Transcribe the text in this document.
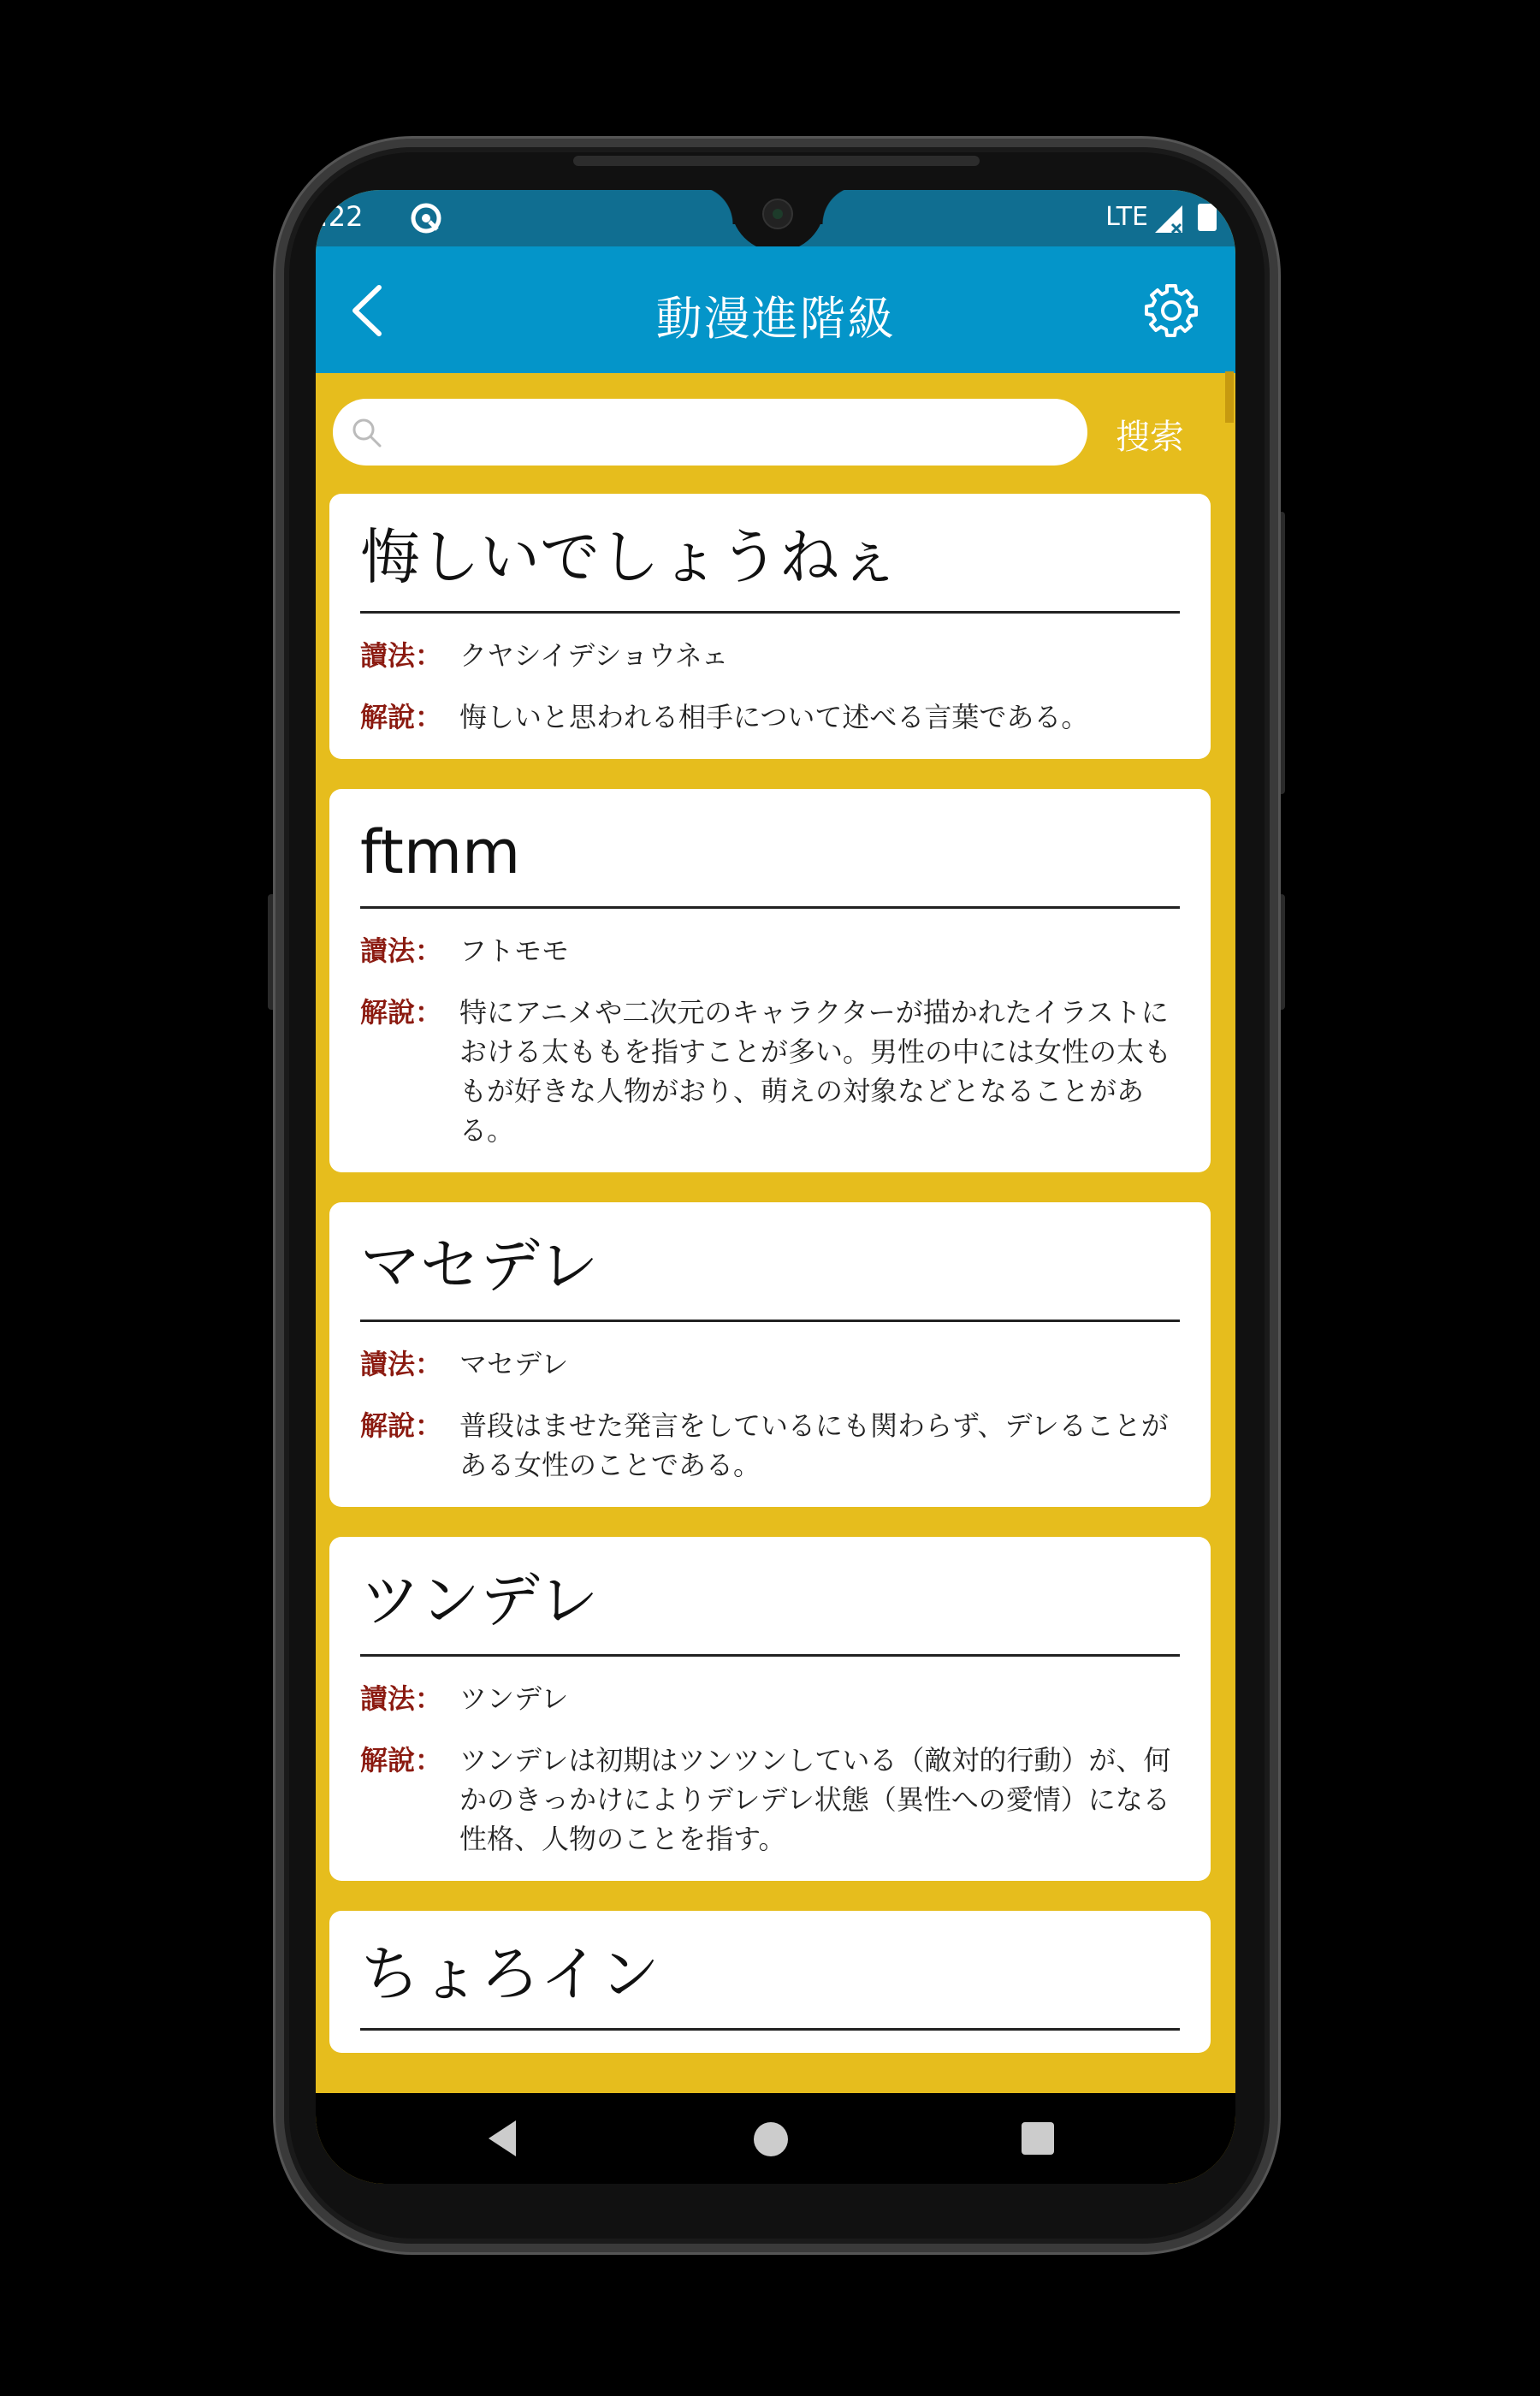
:22	LTE
動漫進階級
搜索
悔しいでしょうねぇ
讀法： クヤシイデショウネェ
解說： 悔しいと思われる相手について述べる言葉である。
ftmm
讀法： フトモモ
解說： 特にアニメや二次元のキャラクターが描かれたイラストにおける太ももを指すことが多い。男性の中には女性の太ももが好きな人物がおり、萌えの対象などとなることがある。
マセデレ
讀法： マセデレ
解說： 普段はませた発言をしているにも関わらず、デレることがある女性のことである。
ツンデレ
讀法： ツンデレ
解說： ツンデレは初期はツンツンしている（敵対的行動）が、何かのきっかけによりデレデレ状態（異性への愛情）になる性格、人物のことを指す。
ちょろイン
